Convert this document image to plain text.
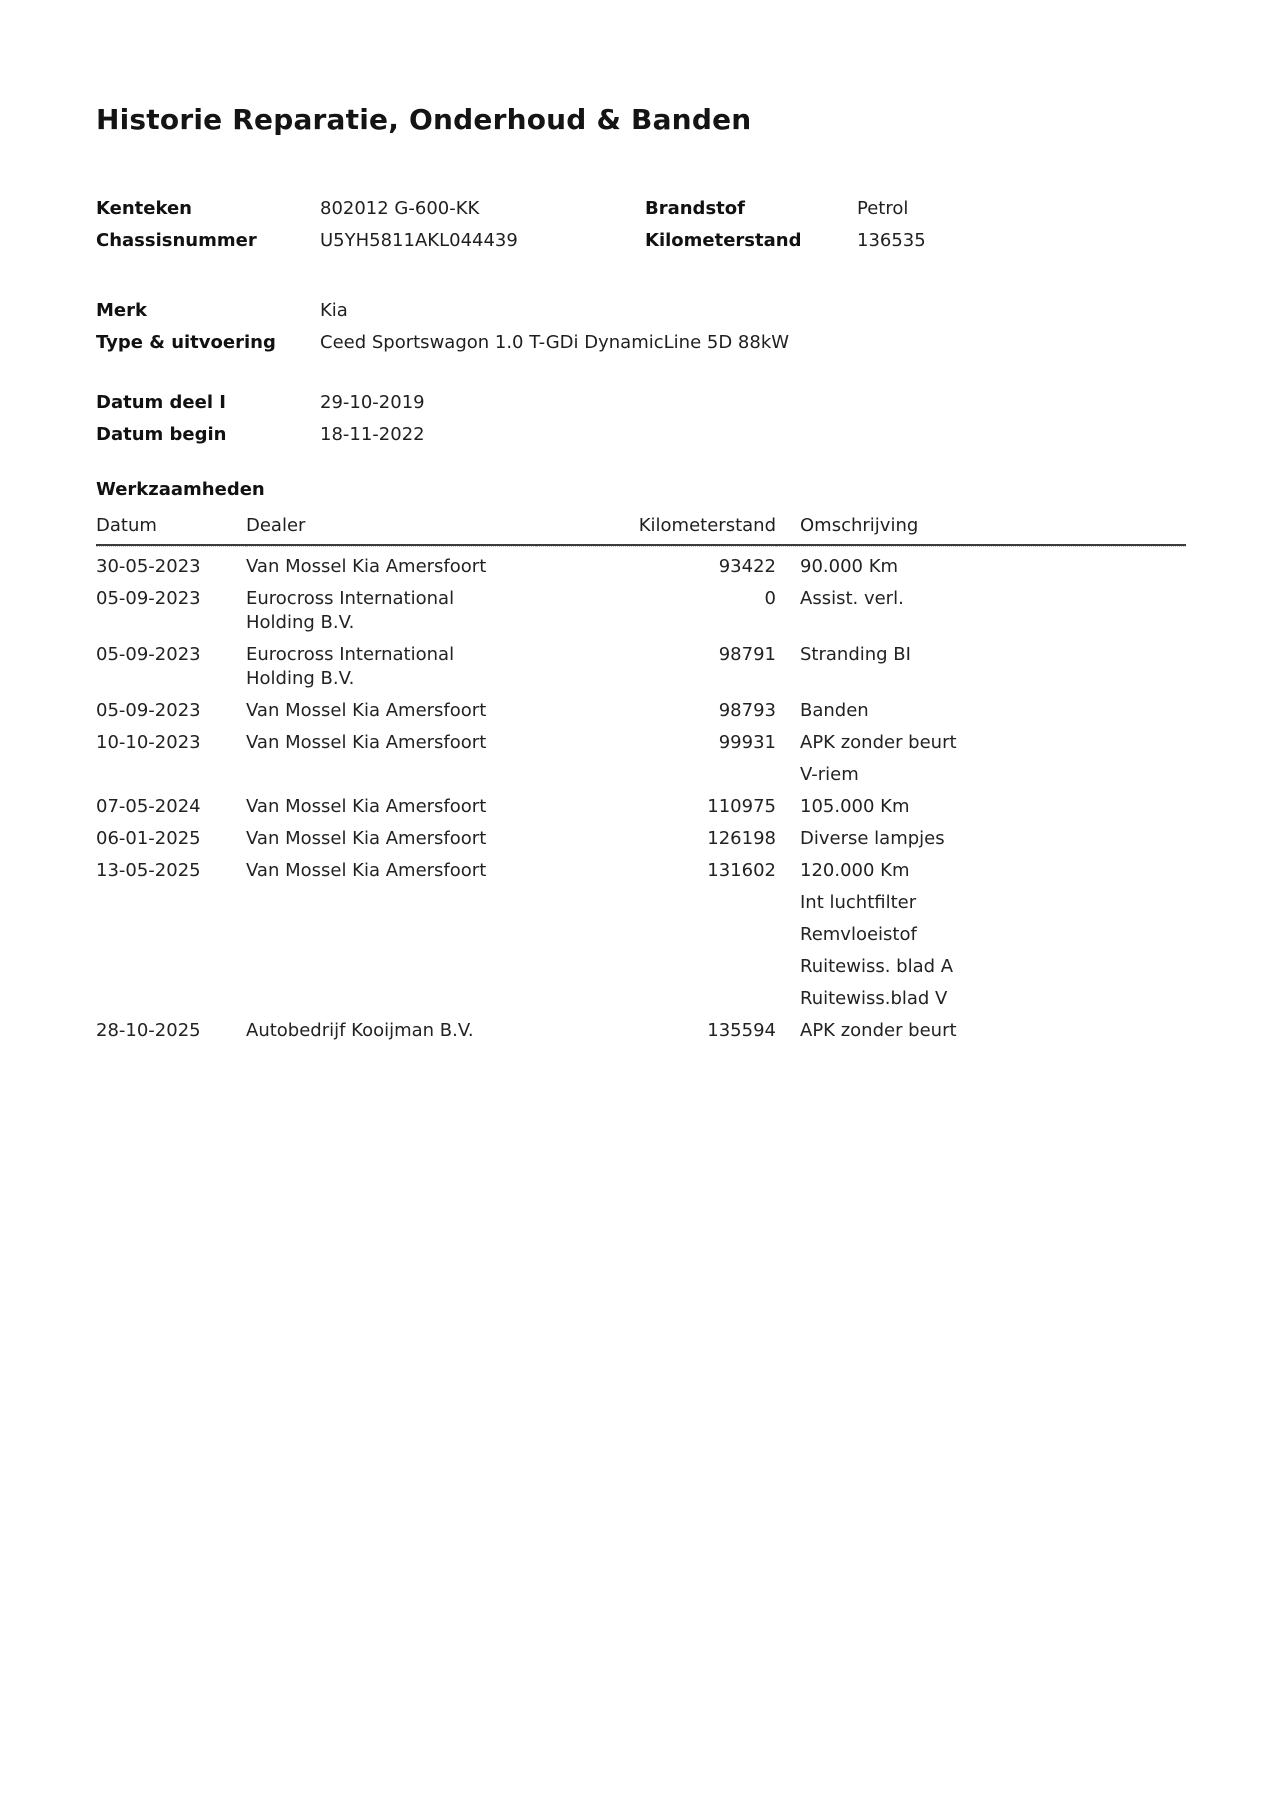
Historie Reparatie, Onderhoud & Banden
Kenteken	802012 G-600-KK	Brandstof	Petrol
Chassisnummer	U5YH5811AKL044439	Kilometerstand	136535
Merk	Kia
Type & uitvoering	Ceed Sportswagon 1.0 T-GDi DynamicLine 5D 88kW
Datum deel I	29-10-2019
Datum begin	18-11-2022
Werkzaamheden
Datum	Dealer	Kilometerstand	Omschrijving
30-05-2023	Van Mossel Kia Amersfoort	93422	90.000 Km

05-09-2023	Eurocross International Holding B.V.	0	Assist. verl.

05-09-2023	Eurocross International Holding B.V.	98791	Stranding BI

05-09-2023	Van Mossel Kia Amersfoort	98793	Banden

10-10-2023	Van Mossel Kia Amersfoort	99931	APK zonder beurt
V-riem

07-05-2024	Van Mossel Kia Amersfoort	110975	105.000 Km

06-01-2025	Van Mossel Kia Amersfoort	126198	Diverse lampjes

13-05-2025	Van Mossel Kia Amersfoort	131602	120.000 Km
Int luchtfilter
Remvloeistof
Ruitewiss. blad A
Ruitewiss.blad V

28-10-2025	Autobedrijf Kooijman B.V.	135594	APK zonder beurt
